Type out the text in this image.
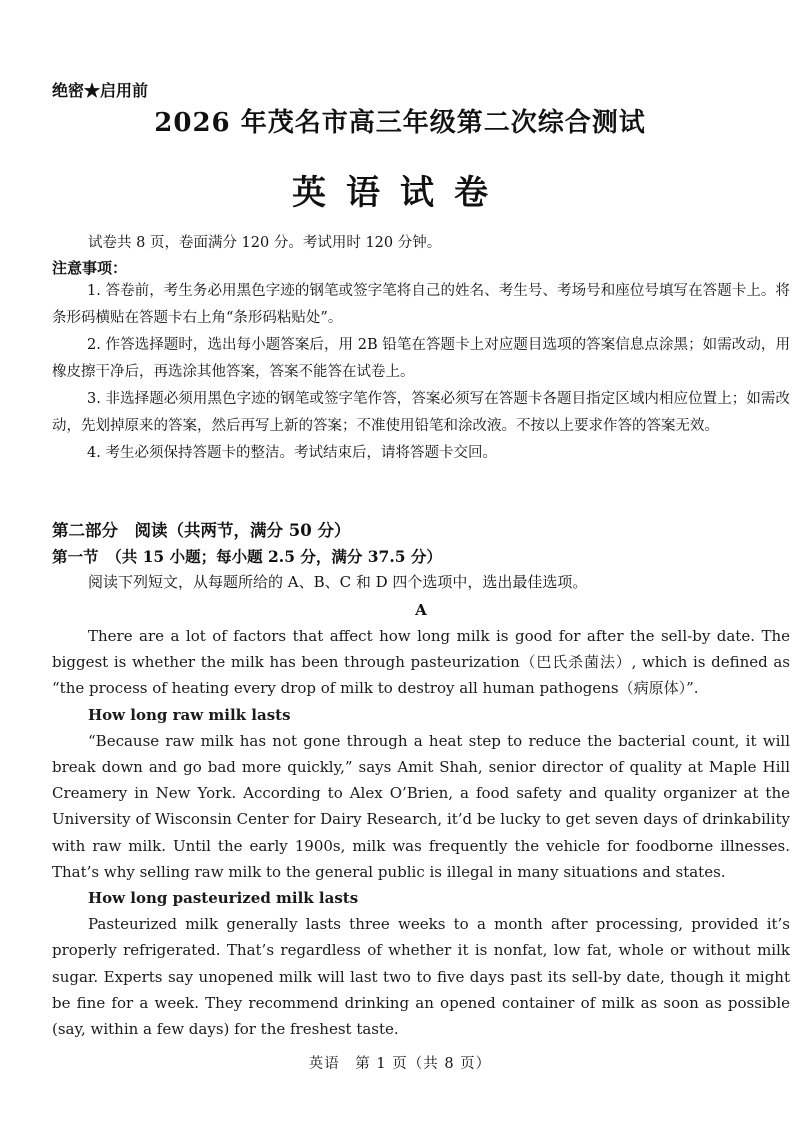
绝密★启用前
2026 年茂名市高三年级第二次综合测试
英语试卷
试卷共 8 页，卷面满分 120 分。考试用时 120 分钟。
注意事项：

1. 答卷前，考生务必用黑色字迹的钢笔或签字笔将自己的姓名、考生号、考场号和座位号填写在答题卡上。将条形码横贴在答题卡右上角“条形码粘贴处”。

2. 作答选择题时，选出每小题答案后，用 2B 铅笔在答题卡上对应题目选项的答案信息点涂黑；如需改动，用橡皮擦干净后，再选涂其他答案，答案不能答在试卷上。

3. 非选择题必须用黑色字迹的钢笔或签字笔作答，答案必须写在答题卡各题目指定区域内相应位置上；如需改动，先划掉原来的答案，然后再写上新的答案；不准使用铅笔和涂改液。不按以上要求作答的答案无效。

4. 考生必须保持答题卡的整洁。考试结束后，请将答题卡交回。

第二部分　阅读（共两节，满分 50 分）
第一节　（共 15 小题；每小题 2.5 分，满分 37.5 分）
阅读下列短文，从每题所给的 A、B、C 和 D 四个选项中，选出最佳选项。
A

There are a lot of factors that affect how long milk is good for after the sell-by date. The biggest is whether the milk has been through pasteurization（巴氏杀菌法）, which is defined as “the process of heating every drop of milk to destroy all human pathogens（病原体）”.

How long raw milk lasts

“Because raw milk has not gone through a heat step to reduce the bacterial count, it will break down and go bad more quickly,” says Amit Shah, senior director of quality at Maple Hill Creamery in New York. According to Alex O’Brien, a food safety and quality organizer at the University of Wisconsin Center for Dairy Research, it’d be lucky to get seven days of drinkability with raw milk. Until the early 1900s, milk was frequently the vehicle for foodborne illnesses. That’s why selling raw milk to the general public is illegal in many situations and states.

How long pasteurized milk lasts

Pasteurized milk generally lasts three weeks to a month after processing, provided it’s properly refrigerated. That’s regardless of whether it is nonfat, low fat, whole or without milk sugar. Experts say unopened milk will last two to five days past its sell-by date, though it might be fine for a week. They recommend drinking an opened container of milk as soon as possible (say, within a few days) for the freshest taste.

英语　第 1 页（共 8 页）
